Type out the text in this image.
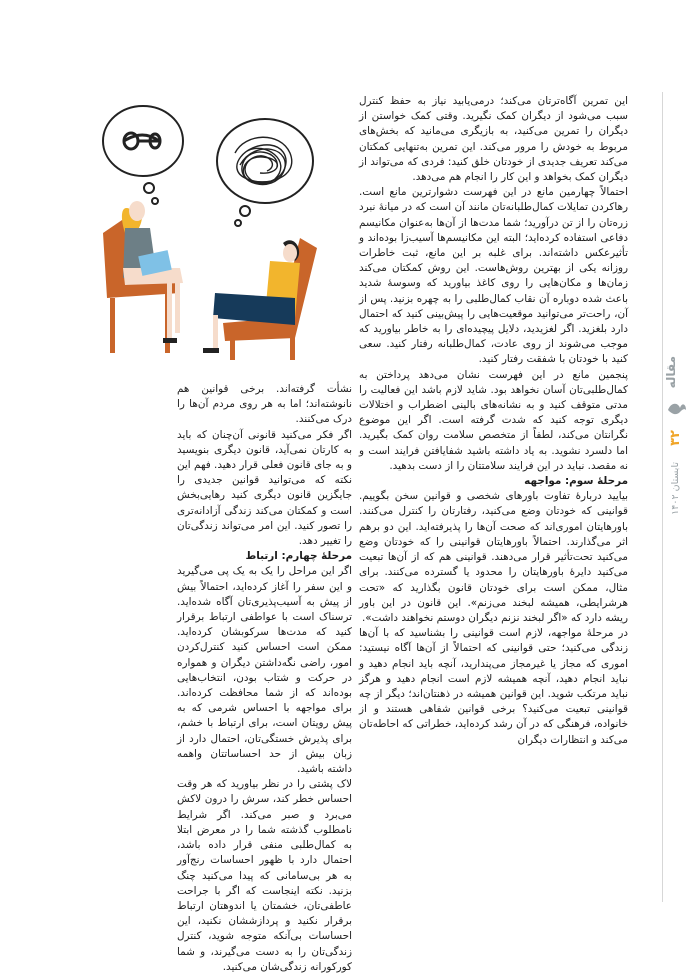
این تمرین آگاه‌ترتان می‌کند؛ درمی‌یابید نیاز به حفظ کنترل سبب می‌شود از دیگران کمک نگیرید. وقتی کمک خواستن از دیگران را تمرین می‌کنید، به بازیگری می‌مانید که بخش‌های مربوط به خودش را مرور می‌کند. این تمرین به‌تنهایی کمکتان می‌کند تعریف جدیدی از خودتان خلق کنید: فردی که می‌تواند از دیگران کمک بخواهد و این کار را انجام هم می‌دهد.

احتمالاً چهارمین مانع در این فهرست دشوارترین مانع است. رهاکردن تمایلات کمال‌طلبانه‌تان مانند آن است که در میانهٔ نبرد زره‌تان را از تن درآورید؛ شما مدت‌ها از آن‌ها به‌عنوان مکانیسم دفاعی استفاده کرده‌اید؛ البته این مکانیسم‌ها آسیب‌زا بوده‌اند و تأثیرعکس داشته‌اند. برای غلبه بر این مانع، ثبت خاطرات روزانه یکی از بهترین روش‌هاست. این روش کمکتان می‌کند زمان‌ها و مکان‌هایی را روی کاغذ بیاورید که وسوسهٔ شدید باعث شده دوباره آن نقاب کمال‌طلبی را به چهره بزنید. پس از آن، راحت‌تر می‌توانید موقعیت‌هایی را پیش‌بینی کنید که احتمال دارد بلغزید. اگر لغزیدید، دلایل پیچیده‌ای را به خاطر بیاورید که موجب می‌شوند از روی عادت، کمال‌طلبانه رفتار کنید. سعی کنید با خودتان با شفقت رفتار کنید.

پنجمین مانع در این فهرست نشان می‌دهد پرداختن به کمال‌طلبی‌تان آسان نخواهد بود. شاید لازم باشد این فعالیت را مدتی متوقف کنید و به نشانه‌های بالینی اضطراب و اختلالات دیگری توجه کنید که شدت گرفته است. اگر این موضوع نگرانتان می‌کند، لطفاً از متخصص سلامت روان کمک بگیرید. اما دلسرد نشوید. به یاد داشته باشید شفایافتن فرایند است و نه مقصد. نباید در این فرایند سلامتتان را از دست بدهید.

مرحلهٔ سوم: مواجهه

بیایید دربارهٔ تفاوت باورهای شخصی و قوانین سخن بگوییم. قوانینی که خودتان وضع می‌کنید، رفتارتان را کنترل می‌کنند. باورهایتان اموری‌اند که صحت آن‌ها را پذیرفته‌اید. این دو برهم اثر می‌گذارند. احتمالاً باورهایتان قوانینی را که خودتان وضع می‌کنید تحت‌تأثیر قرار می‌دهند. قوانینی هم که از آن‌ها تبعیت می‌کنید دایرهٔ باورهایتان را محدود یا گسترده می‌کنند. برای مثال، ممکن است برای خودتان قانون بگذارید که «تحت هرشرایطی، همیشه لبخند می‌زنم». این قانون در این باور ریشه دارد که «اگر لبخند نزنم دیگران دوستم نخواهند داشت».

در مرحلهٔ مواجهه، لازم است قوانینی را بشناسید که با آن‌ها زندگی می‌کنید؛ حتی قوانینی که احتمالاً از آن‌ها آگاه نیستید: اموری که مجاز یا غیرمجاز می‌پندارید، آنچه باید انجام دهید و نباید انجام دهید، آنچه همیشه لازم است انجام دهید و هرگز نباید مرتکب شوید. این قوانین همیشه در ذهنتان‌اند؛ دیگر از چه قوانینی تبعیت می‌کنید؟ برخی قوانین شفاهی هستند و از خانواده، فرهنگی که در آن رشد کرده‌اید، خطراتی که احاطه‌تان می‌کند و انتظارات دیگران

نشأت گرفته‌اند. برخی قوانین هم نانوشته‌اند؛ اما به هر روی مردم آن‌ها را درک می‌کنند.

اگر فکر می‌کنید قانونی آن‌چنان که باید به کارتان نمی‌آید، قانون دیگری بنویسید و به جای قانون فعلی قرار دهید. فهم این نکته که می‌توانید قوانین جدیدی را جایگزین قانون دیگری کنید رهایی‌بخش است و کمکتان می‌کند زندگی آزادانه‌تری را تصور کنید. این امر می‌تواند زندگی‌تان را تغییر دهد.

مرحلهٔ چهارم: ارتباط

اگر این مراحل را یک به یک پی می‌گیرید و این سفر را آغاز کرده‌اید، احتمالاً بیش از پیش به آسیب‌پذیری‌تان آگاه شده‌اید. ترسناک است با عواطفی ارتباط برقرار کنید که مدت‌ها سرکوبشان کرده‌اید. ممکن است احساس کنید کنترل‌کردن امور، راضی نگه‌داشتن دیگران و همواره در حرکت و شتاب بودن، انتخاب‌هایی بوده‌اند که از شما محافظت کرده‌اند. برای مواجهه با احساس شرمی که به پیش رویتان است، برای ارتباط با خشم، برای پذیرش خستگی‌تان، احتمال دارد از زبان بیش از حد احساساتتان واهمه داشته باشید.

لاک پشتی را در نظر بیاورید که هر وقت احساس خطر کند، سرش را درون لاکش می‌برد و صبر می‌کند. اگر شرایط نامطلوب گذشته شما را در معرض ابتلا به کمال‌طلبی منفی قرار داده باشد، احتمال دارد با ظهور احساسات رنج‌آور به هر بی‌سامانی که پیدا می‌کنید چنگ بزنید. نکته اینجاست که اگر با جراحت عاطفی‌تان، خشمتان یا اندوهتان ارتباط برقرار نکنید و پردازششان نکنید، این احساسات بی‌آنکه متوجه شوید، کنترل زندگی‌تان را به دست می‌گیرند، و شما کورکورانه زندگی‌شان می‌کنید.

مقاله
۳۲
تابستان ۱۴۰۲
